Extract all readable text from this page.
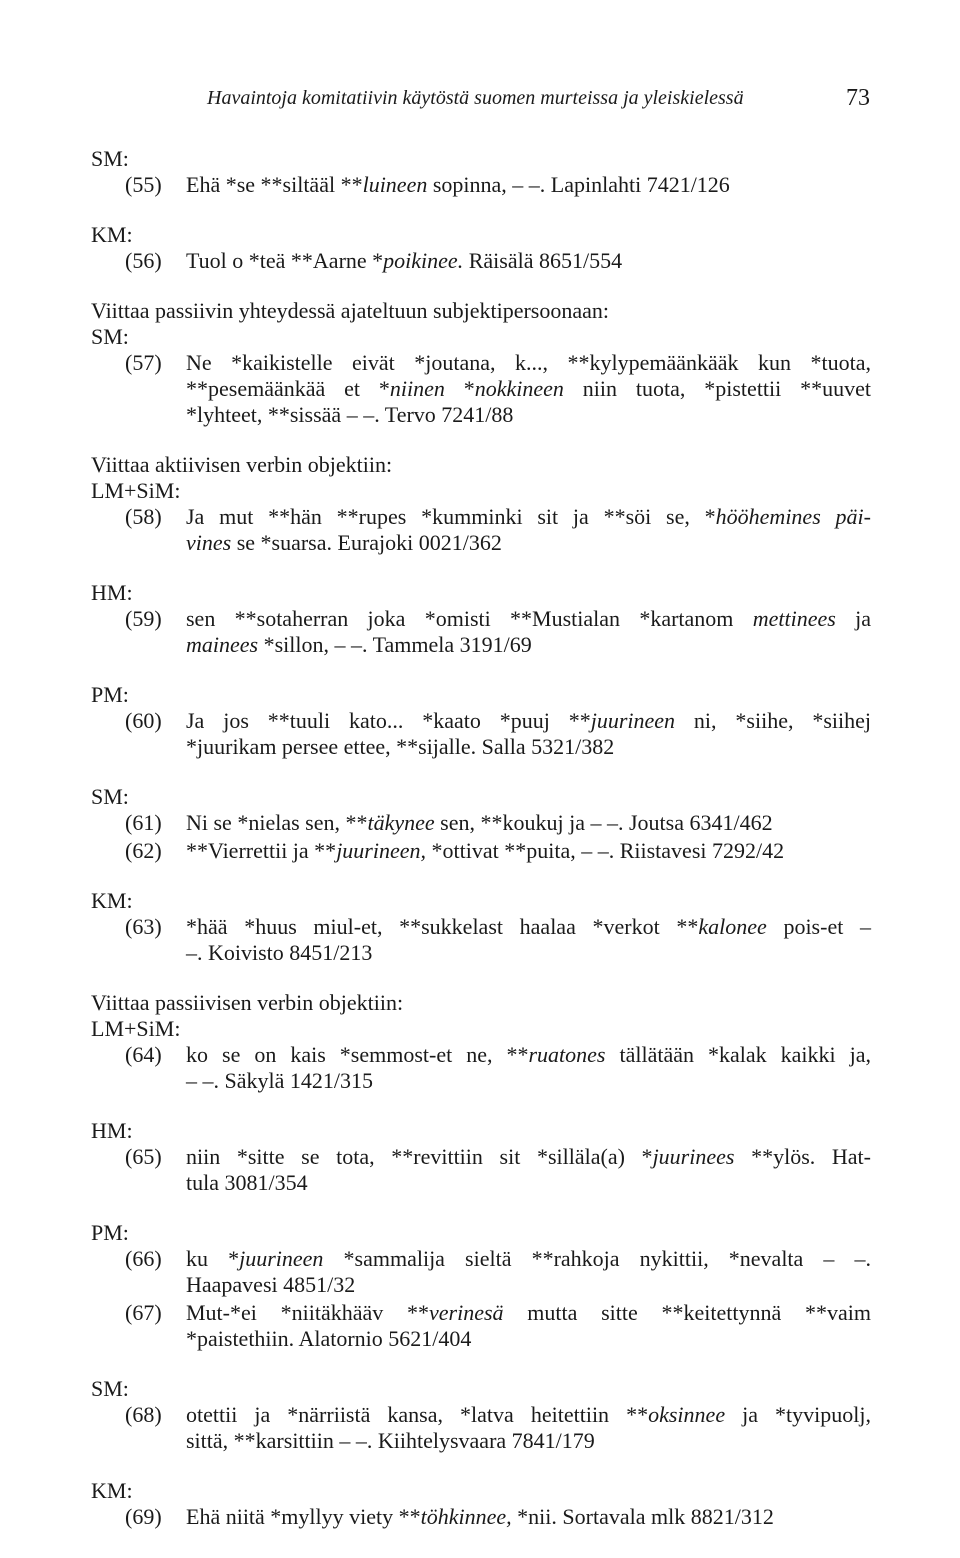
Havaintoja komitatiivin käytöstä suomen murteissa ja yleiskielessä	73
SM:
(55)	Ehä *se **siltääl **luineen sopinna, – –. Lapinlahti 7421/126
KM:
(56)	Tuol o *teä **Aarne *poikinee. Räisälä 8651/554
Viittaa passiivin yhteydessä ajateltuun subjektipersoonaan:
SM:
(57)	Ne *kaikistelle eivät *joutana, k..., **kylypemäänkääk kun *tuota,
**pesemäänkää et *niinen *nokkineen niin tuota, *pistettii **uuvet
*lyhteet, **sissää – –. Tervo 7241/88
Viittaa aktiivisen verbin objektiin:
LM+SiM:
(58)	Ja mut **hän **rupes *kumminki sit ja **söi se, *hööhemines päi-
vines se *suarsa. Eurajoki 0021/362
HM:
(59)	sen **sotaherran joka *omisti **Mustialan *kartanom mettinees ja
mainees *sillon, – –. Tammela 3191/69
PM:
(60)	Ja jos **tuuli kato... *kaato *puuj **juurineen ni, *siihe, *siihej
*juurikam persee ettee, **sijalle. Salla 5321/382
SM:
(61)	Ni se *nielas sen, **täkynee sen, **koukuj ja – –. Joutsa 6341/462
(62)	**Vierrettii ja **juurineen, *ottivat **puita, – –. Riistavesi 7292/42
KM:
(63)	*hää *huus miul-et, **sukkelast haalaa *verkot **kalonee pois-et –
–. Koivisto 8451/213
Viittaa passiivisen verbin objektiin:
LM+SiM:
(64)	ko se on kais *semmost-et ne, **ruatones tällätään *kalak kaikki ja,
– –. Säkylä 1421/315
HM:
(65)	niin *sitte se tota, **revittiin sit *silläla(a) *juurinees **ylös. Hat-
tula 3081/354
PM:
(66)	ku *juurineen *sammalija sieltä **rahkoja nykittii, *nevalta – –.
Haapavesi 4851/32
(67)	Mut-*ei *niitäkhääv **verinesä mutta sitte **keitettynnä **vaim
*paistethiin. Alatornio 5621/404
SM:
(68)	otettii ja *närriistä kansa, *latva heitettiin **oksinnee ja *tyvipuolj,
sittä, **karsittiin – –. Kiihtelysvaara 7841/179
KM:
(69)	Ehä niitä *myllyy viety **töhkinnee, *nii. Sortavala mlk 8821/312
